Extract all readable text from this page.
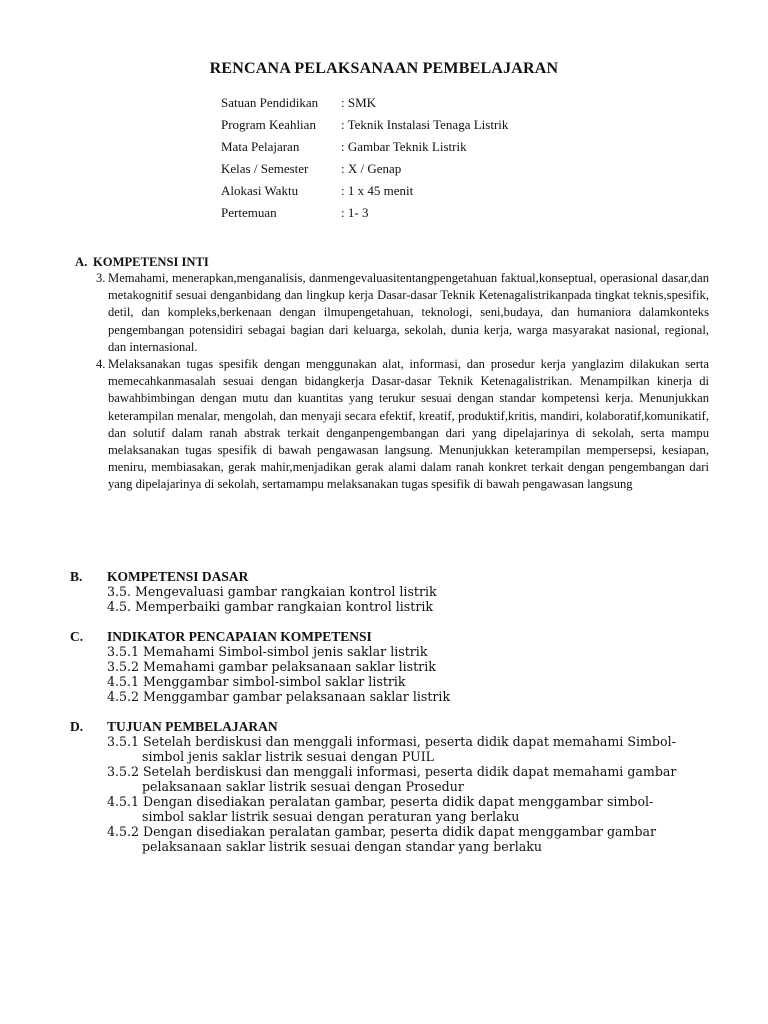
RENCANA PELAKSANAAN PEMBELAJARAN
Satuan Pendidikan : SMK
Program Keahlian : Teknik Instalasi Tenaga Listrik
Mata Pelajaran	: Gambar Teknik Listrik
Kelas / Semester	: X / Genap
Alokasi Waktu	: 1 x 45 menit
Pertemuan	: 1- 3
A. KOMPETENSI INTI
3. Memahami, menerapkan,menganalisis, danmengevaluasitentangpengetahuan faktual,konseptual, operasional dasar,dan metakognitif sesuai denganbidang dan lingkup kerja Dasar-dasar Teknik Ketenagalistrikanpada tingkat teknis,spesifik, detil, dan kompleks,berkenaan dengan ilmupengetahuan, teknologi, seni,budaya, dan humaniora dalamkonteks pengembangan potensidiri sebagai bagian dari keluarga, sekolah, dunia kerja, warga masyarakat nasional, regional, dan internasional.
4. Melaksanakan tugas spesifik dengan menggunakan alat, informasi, dan prosedur kerja yanglazim dilakukan serta memecahkanmasalah sesuai dengan bidangkerja Dasar-dasar Teknik Ketenagalistrikan. Menampilkan kinerja di bawahbimbingan dengan mutu dan kuantitas yang terukur sesuai dengan standar kompetensi kerja. Menunjukkan keterampilan menalar, mengolah, dan menyaji secara efektif, kreatif, produktif,kritis, mandiri, kolaboratif,komunikatif, dan solutif dalam ranah abstrak terkait denganpengembangan dari yang dipelajarinya di sekolah, serta mampu melaksanakan tugas spesifik di bawah pengawasan langsung. Menunjukkan keterampilan mempersepsi, kesiapan, meniru, membiasakan, gerak mahir,menjadikan gerak alami dalam ranah konkret terkait dengan pengembangan dari yang dipelajarinya di sekolah, sertamampu melaksanakan tugas spesifik di bawah pengawasan langsung
B. KOMPETENSI DASAR
3.5. Mengevaluasi gambar rangkaian kontrol listrik
4.5. Memperbaiki gambar rangkaian kontrol listrik
C. INDIKATOR PENCAPAIAN KOMPETENSI
3.5.1 Memahami Simbol-simbol jenis saklar listrik
3.5.2 Memahami gambar pelaksanaan saklar listrik
4.5.1 Menggambar simbol-simbol saklar listrik
4.5.2 Menggambar gambar pelaksanaan saklar listrik
D. TUJUAN PEMBELAJARAN
3.5.1 Setelah berdiskusi dan menggali informasi, peserta didik dapat memahami Simbol-
simbol jenis saklar listrik sesuai dengan PUIL
3.5.2 Setelah berdiskusi dan menggali informasi, peserta didik dapat memahami gambar
pelaksanaan saklar listrik sesuai dengan Prosedur
4.5.1 Dengan disediakan peralatan gambar, peserta didik dapat menggambar simbol-
simbol saklar listrik sesuai dengan peraturan yang berlaku
4.5.2 Dengan disediakan peralatan gambar, peserta didik dapat menggambar gambar
pelaksanaan saklar listrik sesuai dengan standar yang berlaku
